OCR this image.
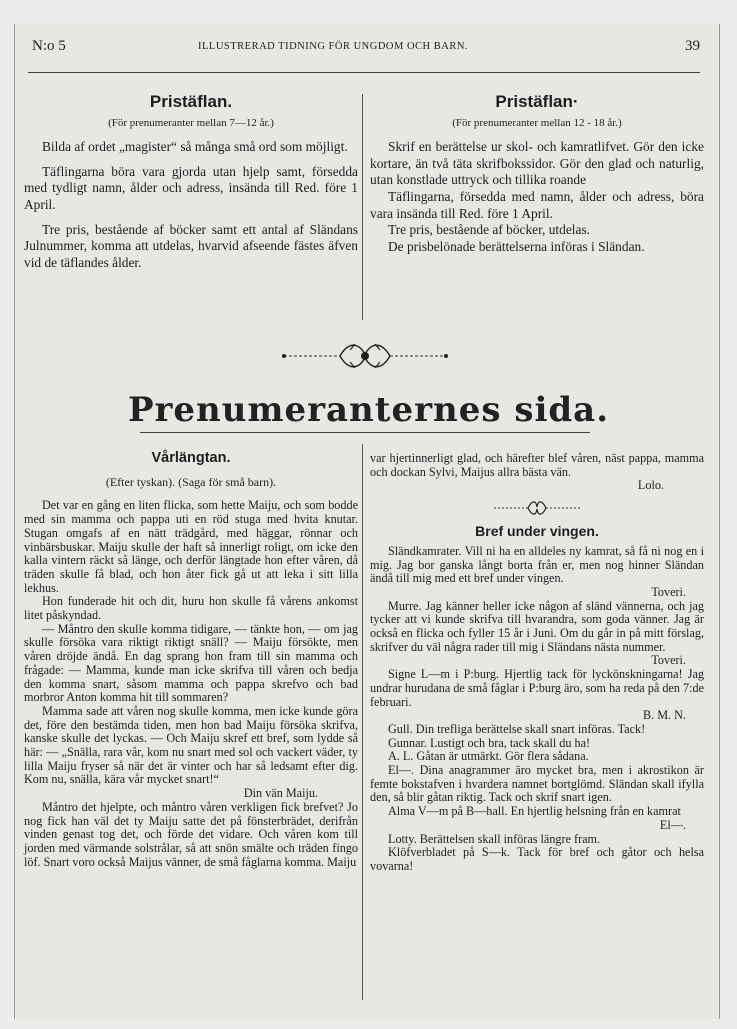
N:o 5	ILLUSTRERAD TIDNING FÖR UNGDOM OCH BARN.	39
Pristäflan.
(För prenumeranter mellan 7—12 år.)

Bilda af ordet „magister“ så många små ord som möjligt.

Täflingarna böra vara gjorda utan hjelp samt, försedda med tydligt namn, ålder och adress, insända till Red. före 1 April.

Tre pris, bestående af böcker samt ett antal af Sländans Julnummer, komma att utdelas, hvarvid afseende fästes äfven vid de täflandes ålder.

Pristäflan·
(För prenumeranter mellan 12 - 18 år.)

Skrif en berättelse ur skol- och kamratlifvet. Gör den icke kortare, än två täta skrifbokssidor. Gör den glad och naturlig, utan konstlade uttryck och tillika roande

Täflingarna, försedda med namn, ålder och adress, böra vara insända till Red. före 1 April.

Tre pris, bestående af böcker, utdelas.

De prisbelönade berättelserna införas i Sländan.

Prenumeranternes sida.
Vårlängtan.
(Efter tyskan). (Saga för små barn).

Det var en gång en liten flicka, som hette Maiju, och som bodde med sin mamma och pappa uti en röd stuga med hvita knutar. Stugan omgafs af en nätt trädgård, med häggar, rönnar och vinbärsbuskar. Maiju skulle der haft så innerligt roligt, om icke den kalla vintern räckt så länge, och derför längtade hon efter våren, då träden skulle få blad, och hon åter fick gå ut att leka i sitt lilla lekhus.

Hon funderade hit och dit, huru hon skulle få vårens ankomst litet påskyndad.

— Måntro den skulle komma tidigare, — tänkte hon, — om jag skulle försöka vara riktigt riktigt snäll? — Maiju försökte, men våren dröjde ändå. En dag sprang hon fram till sin mamma och frågade: — Mamma, kunde man icke skrifva till våren och bedja den komma snart, såsom mamma och pappa skrefvo och bad morbror Anton komma hit till sommaren?

Mamma sade att våren nog skulle komma, men icke kunde göra det, före den bestämda tiden, men hon bad Maiju försöka skrifva, kanske skulle det lyckas. — Och Maiju skref ett bref, som lydde så här: — „Snälla, rara vår, kom nu snart med sol och vackert väder, ty lilla Maiju fryser så när det är vinter och har så ledsamt efter dig. Kom nu, snälla, kära vår mycket snart!“

Din vän Maiju.

Måntro det hjelpte, och måntro våren verkligen fick brefvet? Jo nog fick han väl det ty Maiju satte det på fönsterbrädet, derifrån vinden genast tog det, och förde det vidare. Och våren kom till jorden med värmande solstrålar, så att snön smälte och träden fingo löf. Snart voro också Maijus vänner, de små fåglarna komma. Maiju

var hjertinnerligt glad, och härefter blef våren, näst pappa, mamma och dockan Sylvi, Maijus allra bästa vän.

Lolo.
Bref under vingen.

Sländkamrater. Vill ni ha en alldeles ny kamrat, så få ni nog en i mig. Jag bor ganska långt borta från er, men nog hinner Sländan ändå till mig med ett bref under vingen.

Toveri.

Murre. Jag känner heller icke någon af sländ vännerna, och jag tycker att vi kunde skrifva till hvarandra, som goda vänner. Jag är också en flicka och fyller 15 år i Juni. Om du går in på mitt förslag, skrifver du väl några rader till mig i Sländans nästa nummer.

Toveri.

Signe L—m i P:burg. Hjertlig tack för lyckönskningarna! Jag undrar hurudana de små fåglar i P:burg äro, som ha reda på den 7:de februari.

B. M. N.

Gull. Din trefliga berättelse skall snart införas. Tack!

Gunnar. Lustigt och bra, tack skall du ha!

A. L. Gåtan är utmärkt. Gör flera sådana.

El—. Dina anagrammer äro mycket bra, men i akrostikon är femte bokstafven i hvardera namnet bortglömd. Sländan skall ifylla den, så blir gåtan riktig. Tack och skrif snart igen.

Alma V—m på B—hall. En hjertlig helsning från en kamrat

El—.

Lotty. Berättelsen skall införas längre fram.

Klöfverbladet på S—k. Tack för bref och gåtor och helsa vovarna!
